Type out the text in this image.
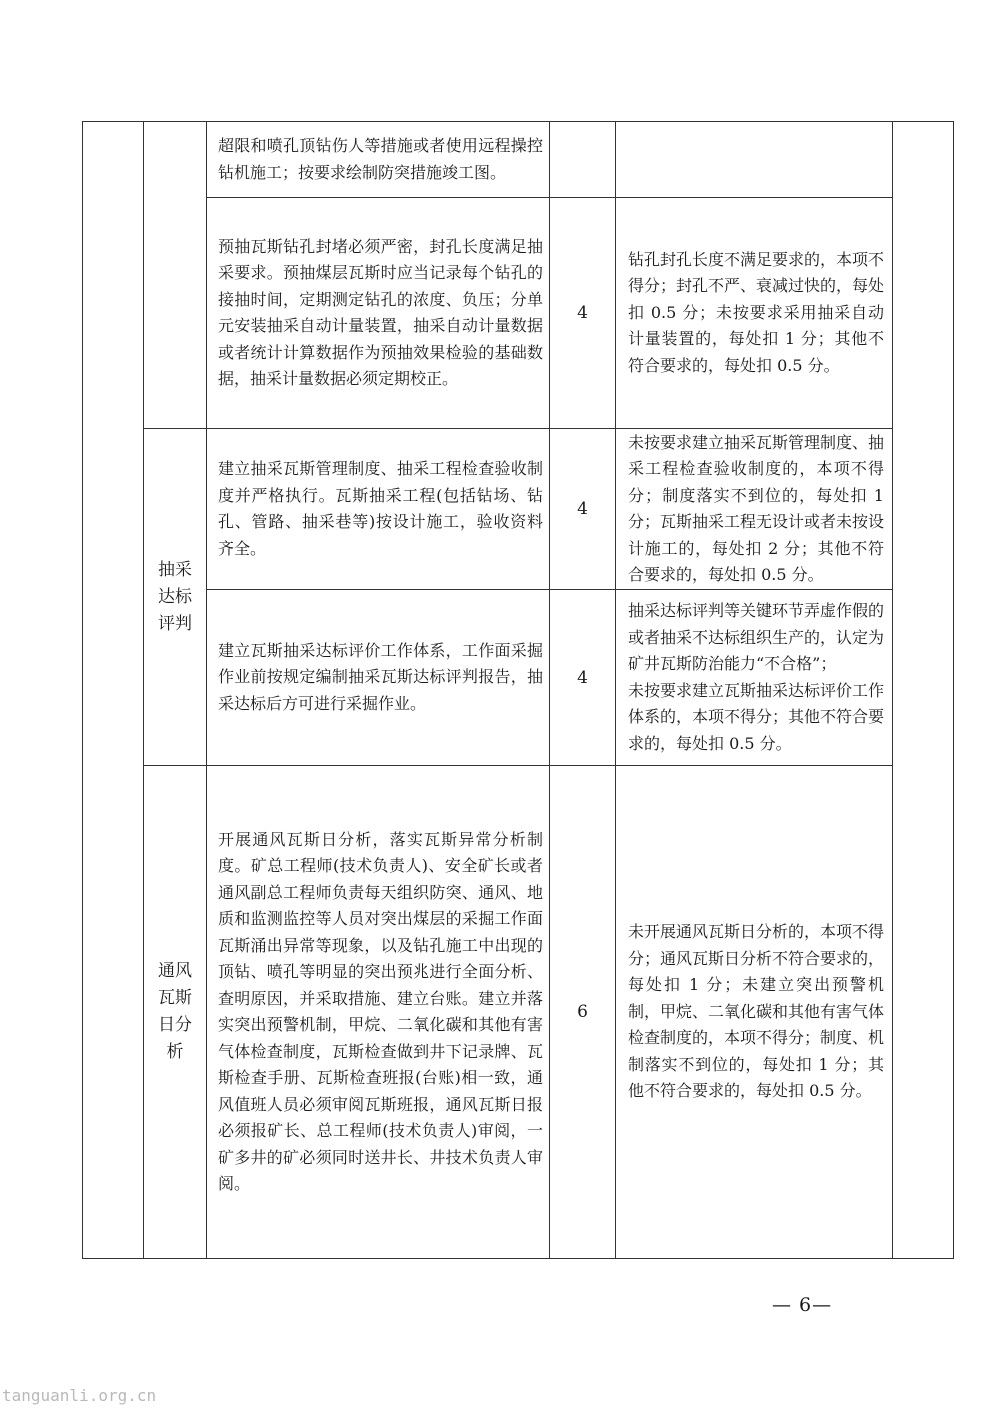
		超限和喷孔顶钻伤人等措施或者使用远程操控钻机施工；按要求绘制防突措施竣工图。			
		预抽瓦斯钻孔封堵必须严密，封孔长度满足抽采要求。预抽煤层瓦斯时应当记录每个钻孔的接抽时间，定期测定钻孔的浓度、负压；分单元安装抽采自动计量装置，抽采自动计量数据或者统计计算数据作为预抽效果检验的基础数据，抽采计量数据必须定期校正。	4	钻孔封孔长度不满足要求的，本项不得分；封孔不严、衰减过快的，每处扣 0.5 分；未按要求采用抽采自动计量装置的，每处扣 1 分；其他不符合要求的，每处扣 0.5 分。	
	抽采达标评判	建立抽采瓦斯管理制度、抽采工程检查验收制度并严格执行。瓦斯抽采工程(包括钻场、钻孔、管路、抽采巷等)按设计施工，验收资料齐全。	4	未按要求建立抽采瓦斯管理制度、抽采工程检查验收制度的，本项不得分；制度落实不到位的，每处扣 1 分；瓦斯抽采工程无设计或者未按设计施工的，每处扣 2 分；其他不符合要求的，每处扣 0.5 分。	
		建立瓦斯抽采达标评价工作体系，工作面采掘作业前按规定编制抽采瓦斯达标评判报告，抽采达标后方可进行采掘作业。	4	抽采达标评判等关键环节弄虚作假的或者抽采不达标组织生产的，认定为矿井瓦斯防治能力“不合格”；
未按要求建立瓦斯抽采达标评价工作体系的，本项不得分；其他不符合要求的，每处扣 0.5 分。	

	通风瓦斯日分析	开展通风瓦斯日分析，落实瓦斯异常分析制度。矿总工程师(技术负责人)、安全矿长或者通风副总工程师负责每天组织防突、通风、地质和监测监控等人员对突出煤层的采掘工作面瓦斯涌出异常等现象，以及钻孔施工中出现的顶钻、喷孔等明显的突出预兆进行全面分析、查明原因，并采取措施、建立台账。建立并落实突出预警机制，甲烷、二氧化碳和其他有害气体检查制度，瓦斯检查做到井下记录牌、瓦斯检查手册、瓦斯检查班报(台账)相一致，通风值班人员必须审阅瓦斯班报，通风瓦斯日报必须报矿长、总工程师(技术负责人)审阅，一矿多井的矿必须同时送井长、井技术负责人审阅。	6	未开展通风瓦斯日分析的，本项不得分；通风瓦斯日分析不符合要求的，每处扣 1 分；未建立突出预警机制，甲烷、二氧化碳和其他有害气体检查制度的，本项不得分；制度、机制落实不到位的，每处扣 1 分；其他不符合要求的，每处扣 0.5 分。	
— 6—
tanguanli.org.cn
